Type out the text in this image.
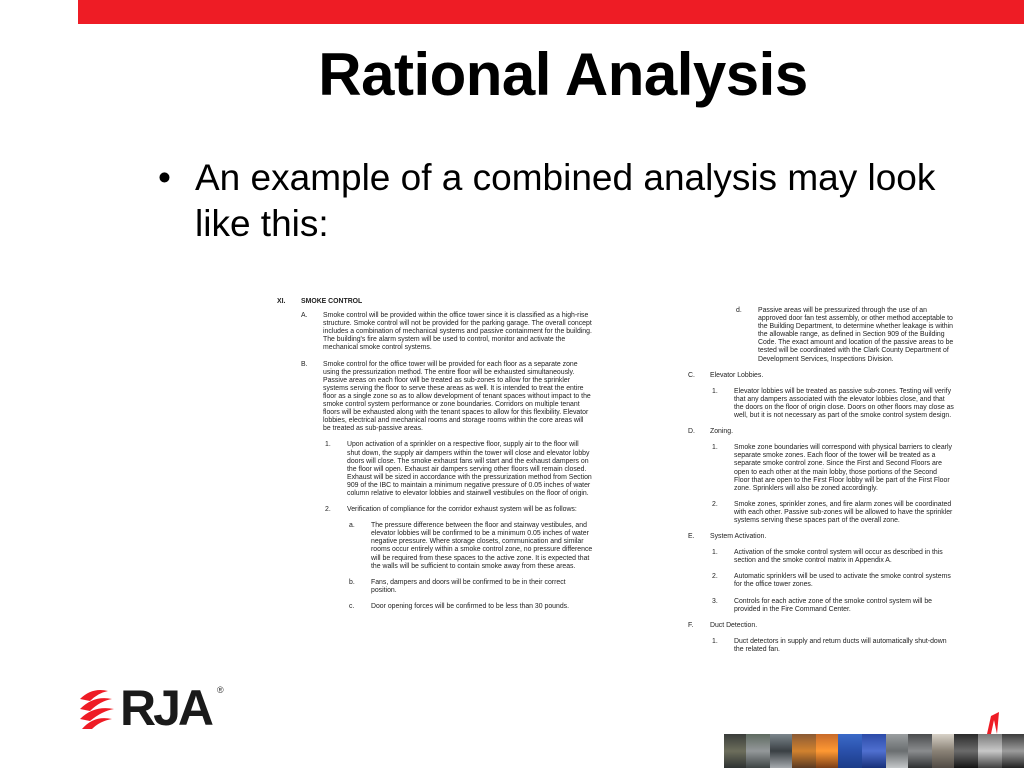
Rational Analysis
• An example of a combined analysis may look like this:
XI.	SMOKE CONTROL
A.	Smoke control will be provided within the office tower since it is classified as a high-rise structure. Smoke control will not be provided for the parking garage. The overall concept includes a combination of mechanical systems and passive containment for the building. The building's fire alarm system will be used to control, monitor and activate the mechanical smoke control systems.
B.	Smoke control for the office tower will be provided for each floor as a separate zone using the pressurization method. The entire floor will be exhausted simultaneously. Passive areas on each floor will be treated as sub-zones to allow for the sprinkler systems serving the floor to serve these areas as well. It is intended to treat the entire floor as a single zone so as to allow development of tenant spaces without impact to the smoke control system performance or zone boundaries. Corridors on multiple tenant floors will be exhausted along with the tenant spaces to allow for this flexibility. Elevator lobbies, electrical and mechanical rooms and storage rooms within the core areas will be treated as sub-passive areas.
1.	Upon activation of a sprinkler on a respective floor, supply air to the floor will shut down, the supply air dampers within the tower will close and elevator lobby doors will close. The smoke exhaust fans will start and the exhaust dampers on the floor will open. Exhaust air dampers serving other floors will remain closed. Exhaust will be sized in accordance with the pressurization method from Section 909 of the IBC to maintain a minimum negative pressure of 0.05 inches of water column relative to elevator lobbies and stairwell vestibules on the floor of origin.
2.	Verification of compliance for the corridor exhaust system will be as follows:
a.	The pressure difference between the floor and stairway vestibules, and elevator lobbies will be confirmed to be a minimum 0.05 inches of water negative pressure. Where storage closets, communication and similar rooms occur entirely within a smoke control zone, no pressure difference will be required from these spaces to the active zone. It is expected that the walls will be sufficient to contain smoke away from these areas.
b.	Fans, dampers and doors will be confirmed to be in their correct position.
c.	Door opening forces will be confirmed to be less than 30 pounds.
d.	Passive areas will be pressurized through the use of an approved door fan test assembly, or other method acceptable to the Building Department, to determine whether leakage is within the allowable range, as defined in Section 909 of the Building Code. The exact amount and location of the passive areas to be tested will be coordinated with the Clark County Department of Development Services, Inspections Division.
C.	Elevator Lobbies.
1.	Elevator lobbies will be treated as passive sub-zones. Testing will verify that any dampers associated with the elevator lobbies close, and that the doors on the floor of origin close. Doors on other floors may close as well, but it is not necessary as part of the smoke control system design.
D.	Zoning.
1.	Smoke zone boundaries will correspond with physical barriers to clearly separate smoke zones. Each floor of the tower will be treated as a separate smoke control zone. Since the First and Second Floors are open to each other at the main lobby, those portions of the Second Floor that are open to the First Floor lobby will be part of the First Floor zone. Sprinklers will also be zoned accordingly.
2.	Smoke zones, sprinkler zones, and fire alarm zones will be coordinated with each other. Passive sub-zones will be allowed to have the sprinkler systems serving these spaces part of the overall zone.
E.	System Activation.
1.	Activation of the smoke control system will occur as described in this section and the smoke control matrix in Appendix A.
2.	Automatic sprinklers will be used to activate the smoke control systems for the office tower zones.
3.	Controls for each active zone of the smoke control system will be provided in the Fire Command Center.
F.	Duct Detection.
1.	Duct detectors in supply and return ducts will automatically shut-down the related fan.
RJA ®
